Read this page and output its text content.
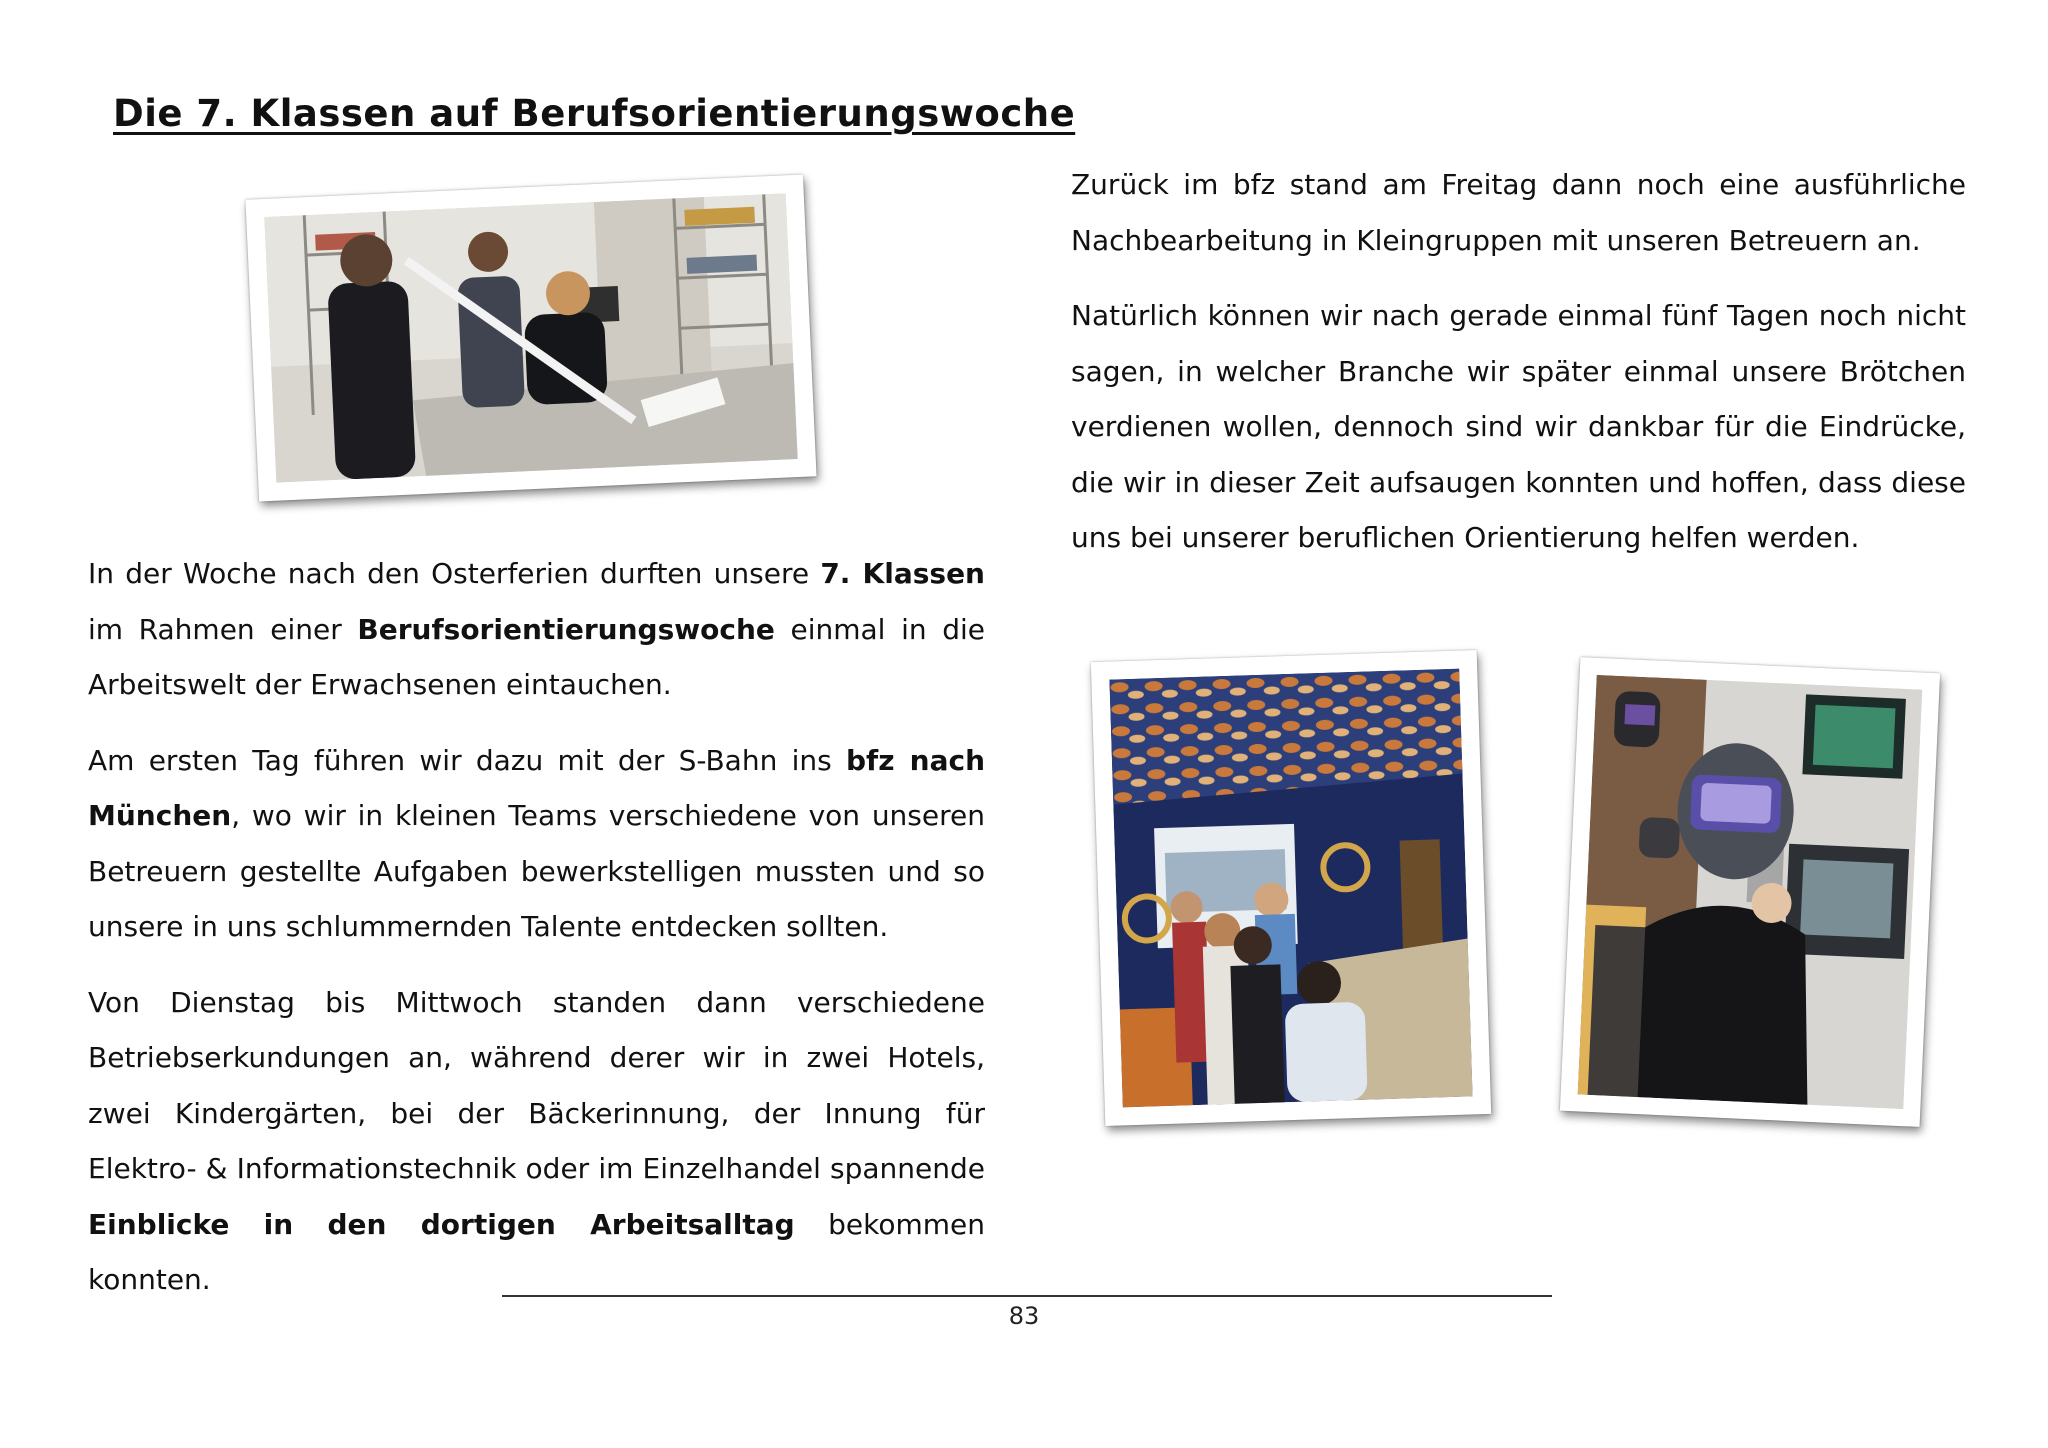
Die 7. Klassen auf Berufsorientierungswoche

In der Woche nach den Osterferien durften unsere 7. Klassen im Rahmen einer Berufsorientierungswoche einmal in die Arbeitswelt der Erwachsenen eintauchen.

Am ersten Tag führen wir dazu mit der S-Bahn ins bfz nach München, wo wir in kleinen Teams verschiedene von unseren Betreuern gestellte Aufgaben bewerkstelligen mussten und so unsere in uns schlummernden Talente entdecken sollten.

Von Dienstag bis Mittwoch standen dann verschiedene Betriebserkundungen an, während derer wir in zwei Hotels, zwei Kindergärten, bei der Bäckerinnung, der Innung für Elektro- & Informationstechnik oder im Einzelhandel spannende Einblicke in den dortigen Arbeitsalltag bekommen konnten.

Zurück im bfz stand am Freitag dann noch eine ausführliche Nachbearbeitung in Kleingruppen mit unseren Betreuern an.

Natürlich können wir nach gerade einmal fünf Tagen noch nicht sagen, in welcher Branche wir später einmal unsere Brötchen verdienen wollen, dennoch sind wir dankbar für die Eindrücke, die wir in dieser Zeit aufsaugen konnten und hoffen, dass diese uns bei unserer beruflichen Orientierung helfen werden.

83
